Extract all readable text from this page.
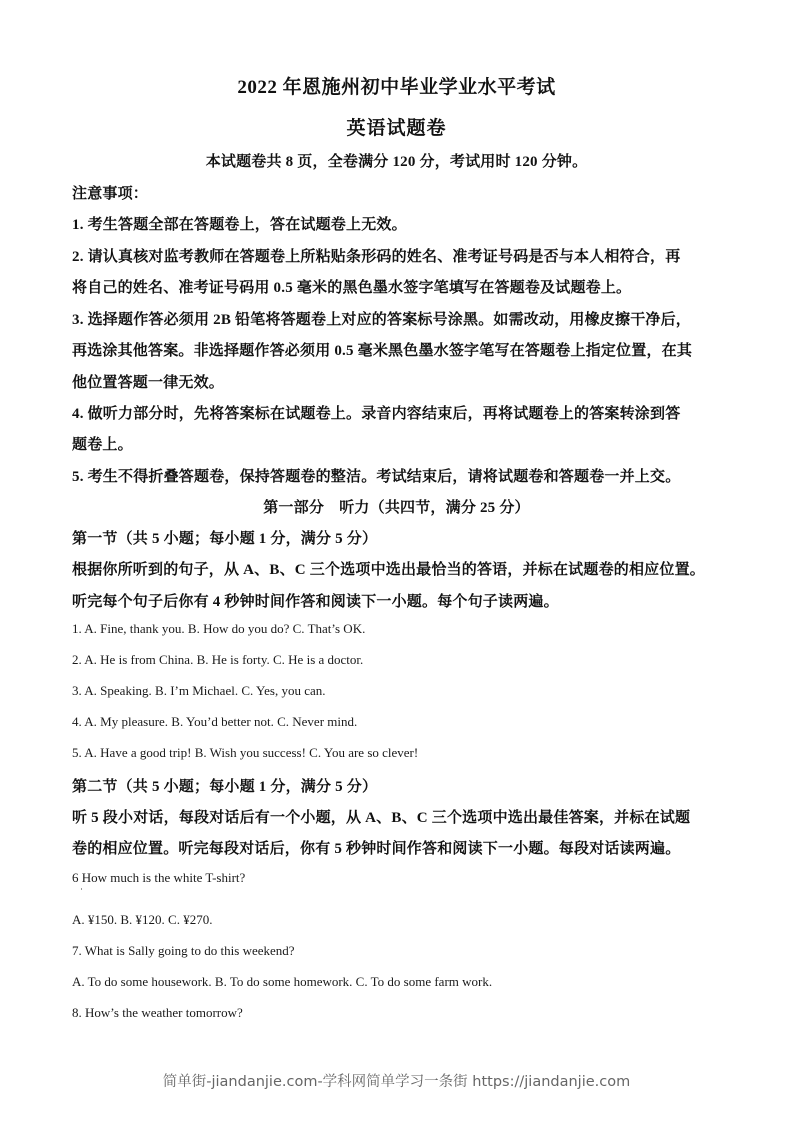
2022 年恩施州初中毕业学业水平考试
英语试题卷
本试题卷共 8 页，全卷满分 120 分，考试用时 120 分钟。
注意事项：
1. 考生答题全部在答题卷上，答在试题卷上无效。
2. 请认真核对监考教师在答题卷上所粘贴条形码的姓名、准考证号码是否与本人相符合，再
将自己的姓名、准考证号码用 0.5 毫米的黑色墨水签字笔填写在答题卷及试题卷上。
3. 选择题作答必须用 2B 铅笔将答题卷上对应的答案标号涂黑。如需改动，用橡皮擦干净后，
再选涂其他答案。非选择题作答必须用 0.5 毫米黑色墨水签字笔写在答题卷上指定位置，在其
他位置答题一律无效。
4. 做听力部分时，先将答案标在试题卷上。录音内容结束后，再将试题卷上的答案转涂到答
题卷上。
5. 考生不得折叠答题卷，保持答题卷的整洁。考试结束后，请将试题卷和答题卷一并上交。
第一部分　听力（共四节，满分 25 分）
第一节（共 5 小题；每小题 1 分，满分 5 分）
根据你所听到的句子，从 A、B、C 三个选项中选出最恰当的答语，并标在试题卷的相应位置。
听完每个句子后你有 4 秒钟时间作答和阅读下一小题。每个句子读两遍。
1. A. Fine, thank you. B. How do you do? C. That’s OK.
2. A. He is from China. B. He is forty. C. He is a doctor.
3. A. Speaking. B. I’m Michael. C. Yes, you can.
4. A. My pleasure. B. You’d better not. C. Never mind.
5. A. Have a good trip! B. Wish you success! C. You are so clever!
第二节（共 5 小题；每小题 1 分，满分 5 分）
听 5 段小对话，每段对话后有一个小题，从 A、B、C 三个选项中选出最佳答案，并标在试题
卷的相应位置。听完每段对话后，你有 5 秒钟时间作答和阅读下一小题。每段对话读两遍。
6 How much is the white T-shirt?
A. ¥150. B. ¥120. C. ¥270.
7. What is Sally going to do this weekend?
A. To do some housework. B. To do some homework. C. To do some farm work.
8. How’s the weather tomorrow?
简单街-jiandanjie.com-学科网简单学习一条街 https://jiandanjie.com
